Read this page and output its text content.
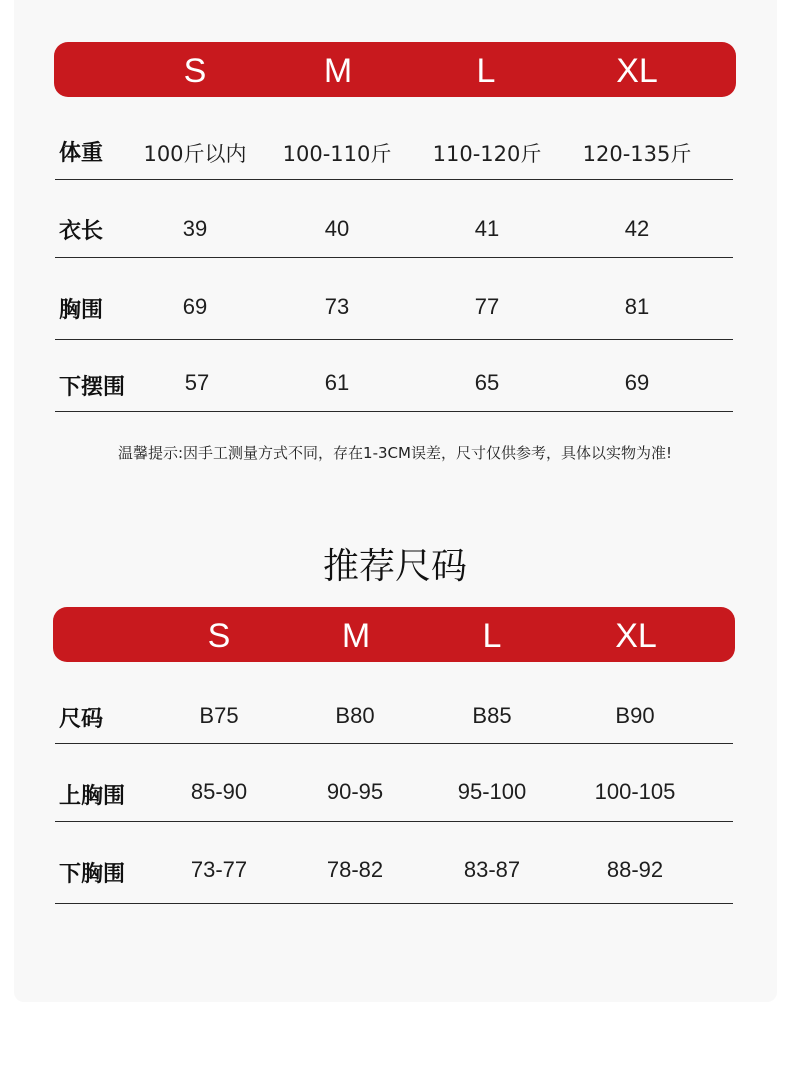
S	M	L	XL
体重 100斤以内 100-110斤 110-120斤 120-135斤
衣长	39	40	41	42
胸围	69	73	77	81
下摆围	57	61	65	69
温馨提示:因手工测量方式不同，存在1-3CM误差，尺寸仅供参考，具体以实物为准!
推荐尺码
S	M	L	XL
尺码	B75	B80	B85	B90
上胸围	85-90	90-95	95-100	100-105
下胸围	73-77	78-82	83-87	88-92
